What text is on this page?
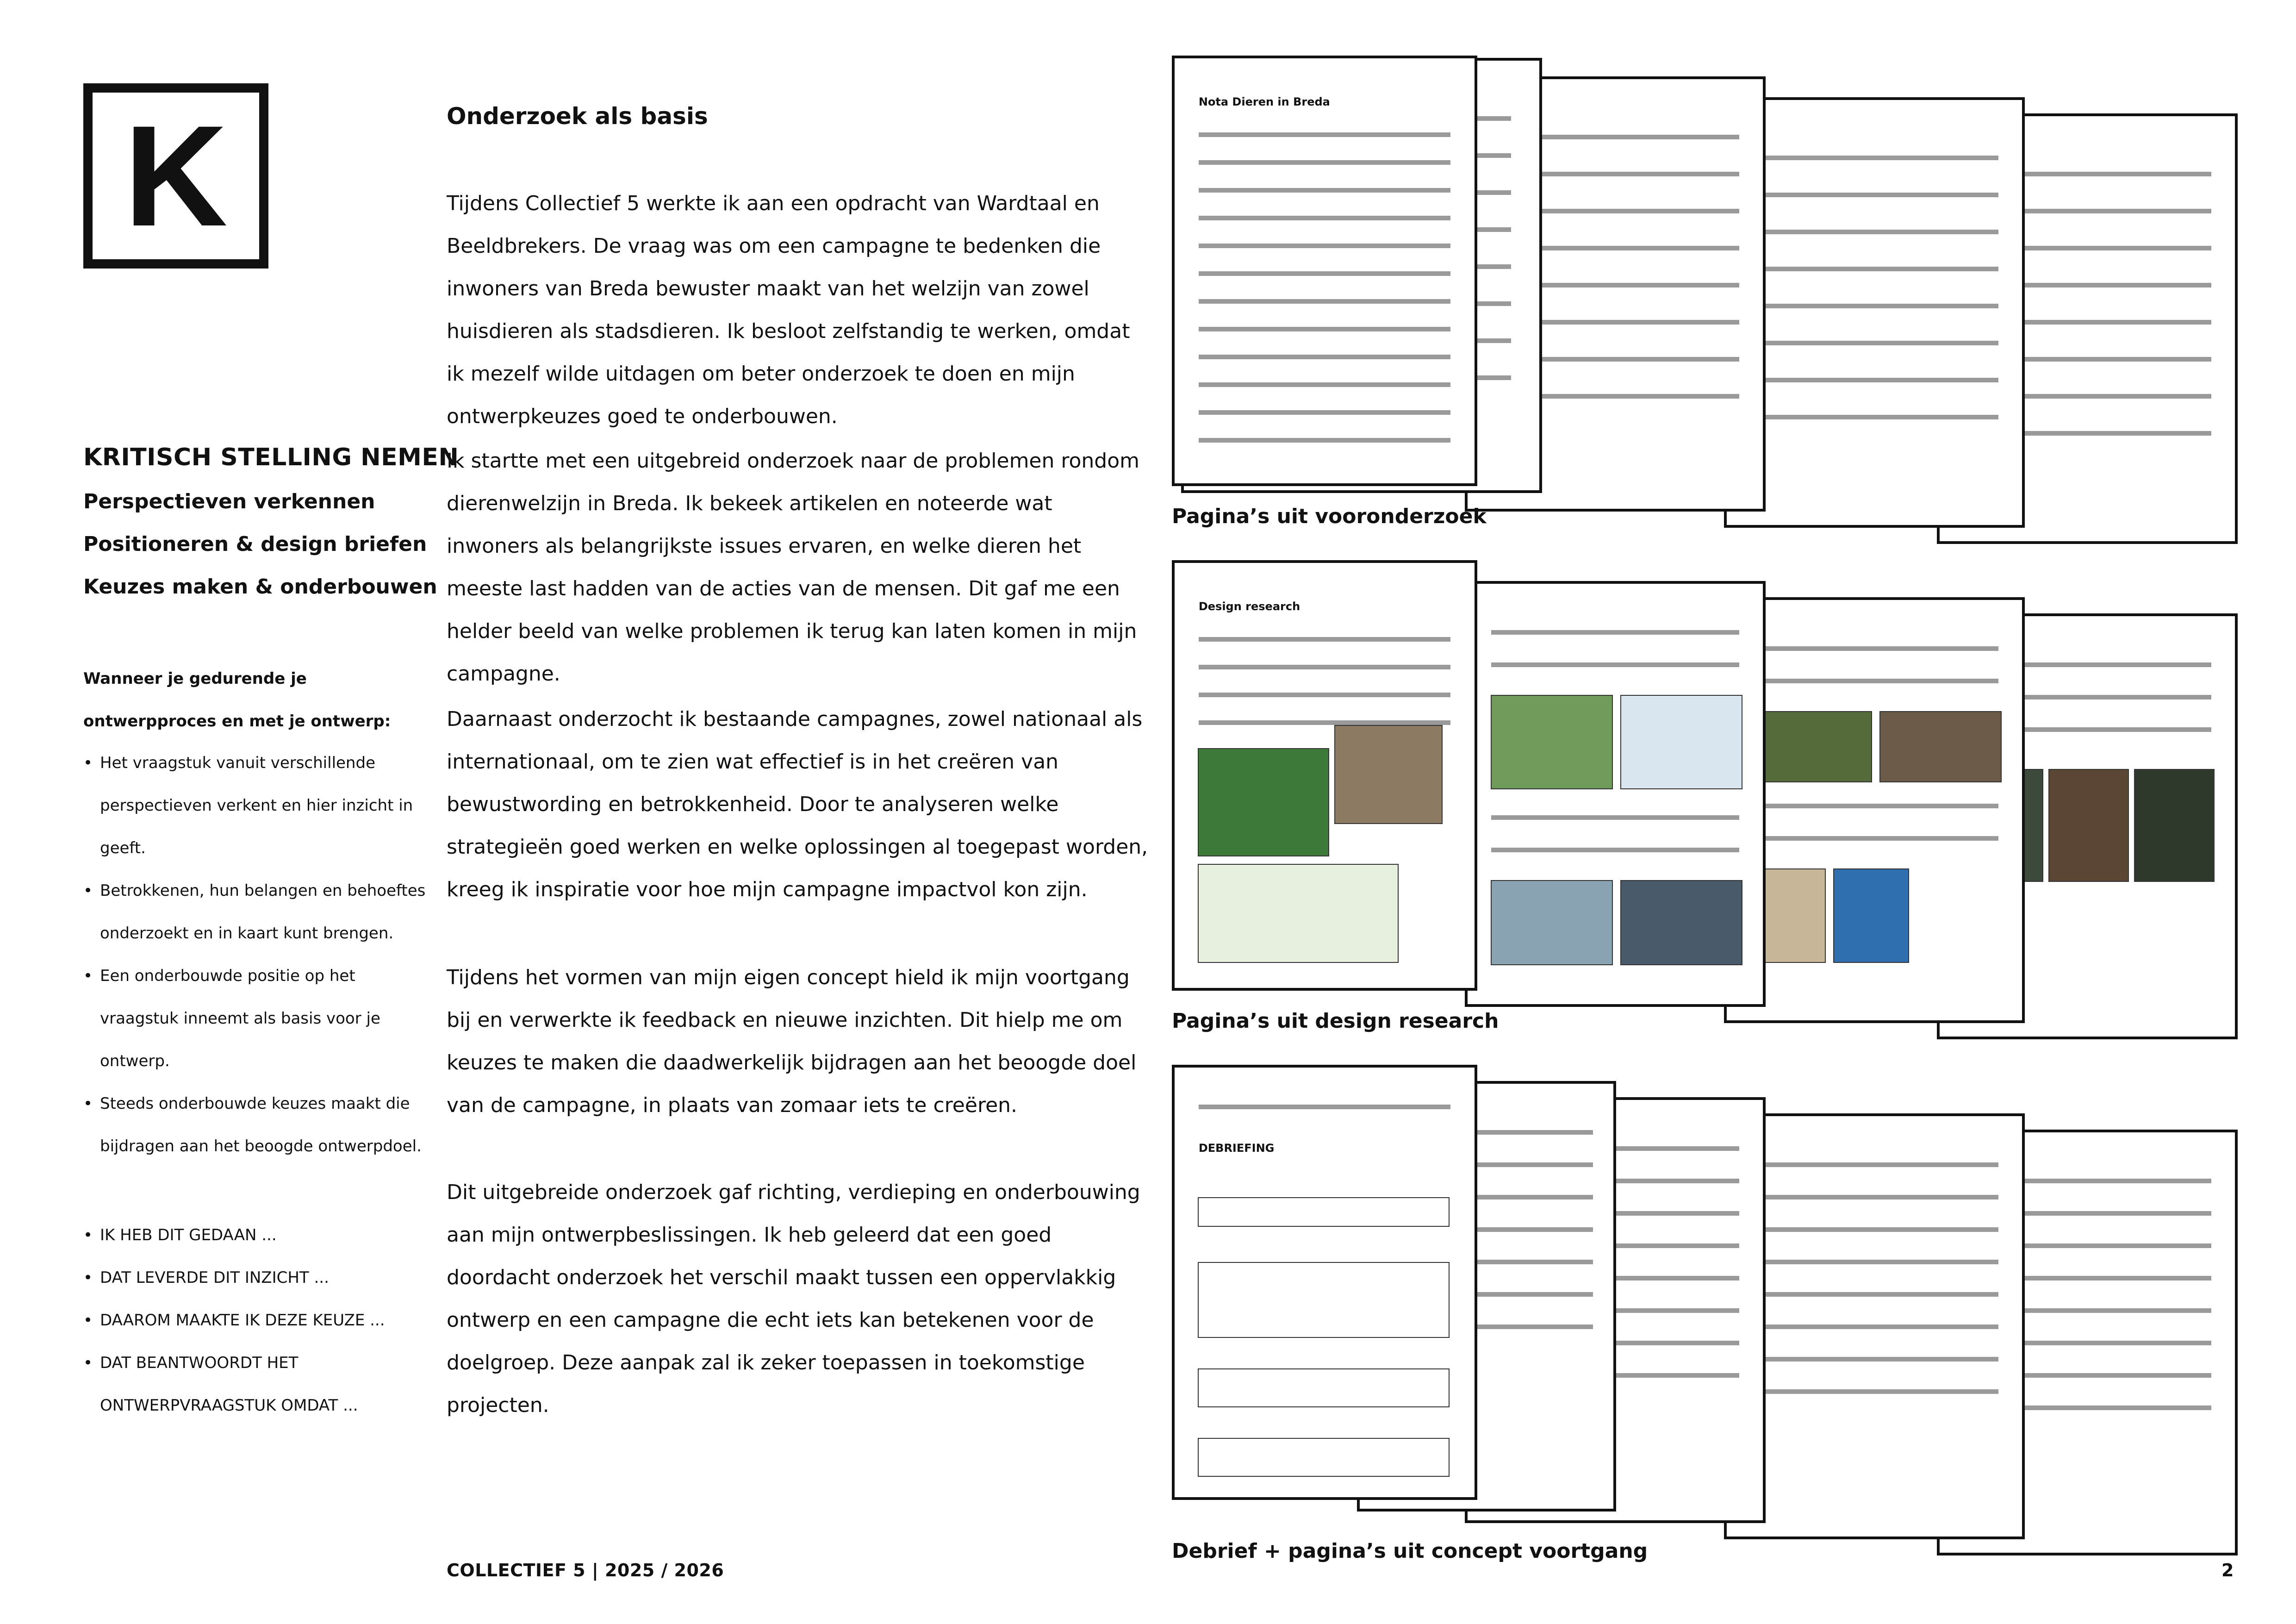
K
KRITISCH STELLING NEMEN
Perspectieven verkennen
Positioneren & design briefen
Keuzes maken & onderbouwen
Wanneer je gedurende je ontwerpproces en met je ontwerp:
• Het vraagstuk vanuit verschillende perspectieven verkent en hier inzicht in geeft.
• Betrokkenen, hun belangen en behoeftes onderzoekt en in kaart kunt brengen.
• Een onderbouwde positie op het vraagstuk inneemt als basis voor je ontwerp.
• Steeds onderbouwde keuzes maakt die bijdragen aan het beoogde ontwerpdoel.
• IK HEB DIT GEDAAN ...
• DAT LEVERDE DIT INZICHT ...
• DAAROM MAAKTE IK DEZE KEUZE ...
• DAT BEANTWOORDT HET ONTWERPVRAAGSTUK OMDAT ...
Onderzoek als basis

Tijdens Collectief 5 werkte ik aan een opdracht van Wardtaal en Beeldbrekers. De vraag was om een campagne te bedenken die inwoners van Breda bewuster maakt van het welzijn van zowel huisdieren als stadsdieren. Ik besloot zelfstandig te werken, omdat ik mezelf wilde uitdagen om beter onderzoek te doen en mijn ontwerpkeuzes goed te onderbouwen.

Ik startte met een uitgebreid onderzoek naar de problemen rondom dierenwelzijn in Breda. Ik bekeek artikelen en noteerde wat inwoners als belangrijkste issues ervaren, en welke dieren het meeste last hadden van de acties van de mensen. Dit gaf me een helder beeld van welke problemen ik terug kan laten komen in mijn campagne.

Daarnaast onderzocht ik bestaande campagnes, zowel nationaal als internationaal, om te zien wat effectief is in het creëren van bewustwording en betrokkenheid. Door te analyseren welke strategieën goed werken en welke oplossingen al toegepast worden, kreeg ik inspiratie voor hoe mijn campagne impactvol kon zijn.

Tijdens het vormen van mijn eigen concept hield ik mijn voortgang bij en verwerkte ik feedback en nieuwe inzichten. Dit hielp me om keuzes te maken die daadwerkelijk bijdragen aan het beoogde doel van de campagne, in plaats van zomaar iets te creëren.

Dit uitgebreide onderzoek gaf richting, verdieping en onderbouwing aan mijn ontwerpbeslissingen. Ik heb geleerd dat een goed doordacht onderzoek het verschil maakt tussen een oppervlakkig ontwerp en een campagne die echt iets kan betekenen voor de doelgroep. Deze aanpak zal ik zeker toepassen in toekomstige projecten.

Nota Dieren in Breda
Pagina’s uit vooronderzoek
Design research
Pagina’s uit design research
DEBRIEFING
Debrief + pagina’s uit concept voortgang
COLLECTIEF 5 | 2025 / 2026	2
